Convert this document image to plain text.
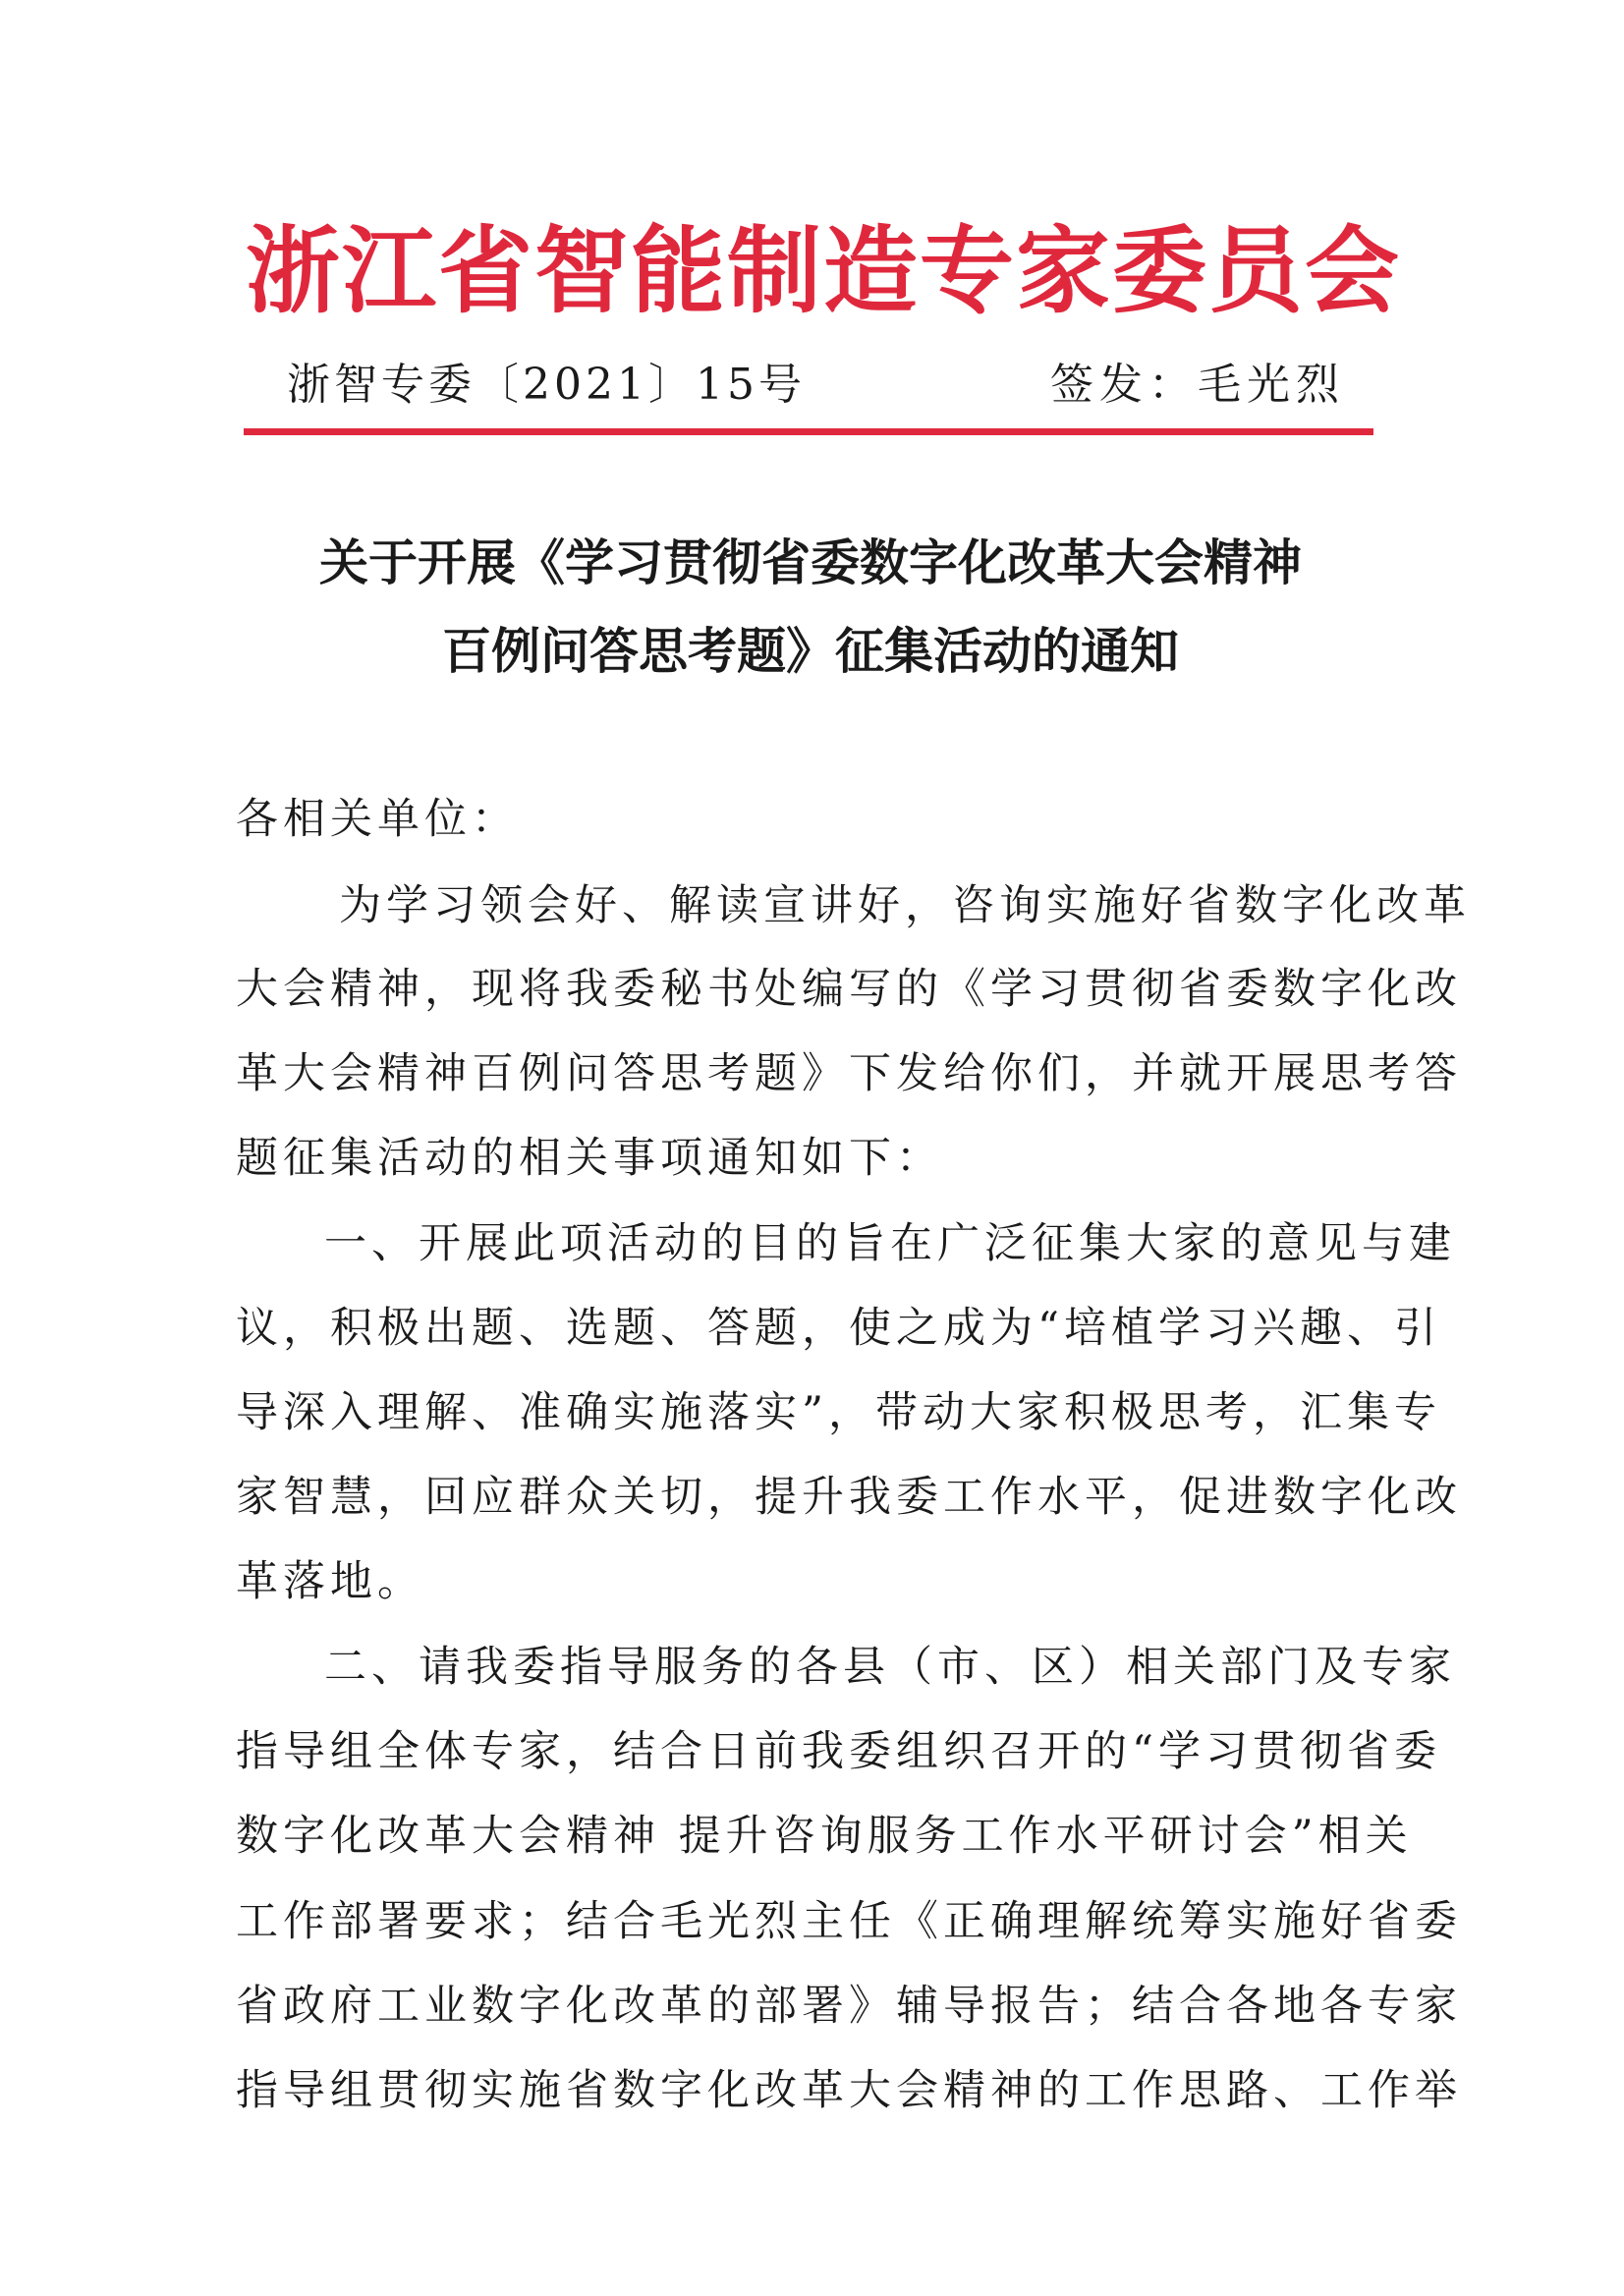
浙江省智能制造专家委员会
浙智专委〔2021〕15号	签发：毛光烈
关于开展《学习贯彻省委数字化改革大会精神
百例问答思考题》征集活动的通知
各相关单位：
为学习领会好、解读宣讲好，咨询实施好省数字化改革
大会精神，现将我委秘书处编写的《学习贯彻省委数字化改
革大会精神百例问答思考题》下发给你们，并就开展思考答
题征集活动的相关事项通知如下：
一、开展此项活动的目的旨在广泛征集大家的意见与建
议，积极出题、选题、答题，使之成为“培植学习兴趣、引
导深入理解、准确实施落实”，带动大家积极思考，汇集专
家智慧，回应群众关切，提升我委工作水平，促进数字化改
革落地。
二、请我委指导服务的各县（市、区）相关部门及专家
指导组全体专家，结合日前我委组织召开的“学习贯彻省委
数字化改革大会精神 提升咨询服务工作水平研讨会”相关
工作部署要求；结合毛光烈主任《正确理解统筹实施好省委
省政府工业数字化改革的部署》辅导报告；结合各地各专家
指导组贯彻实施省数字化改革大会精神的工作思路、工作举
